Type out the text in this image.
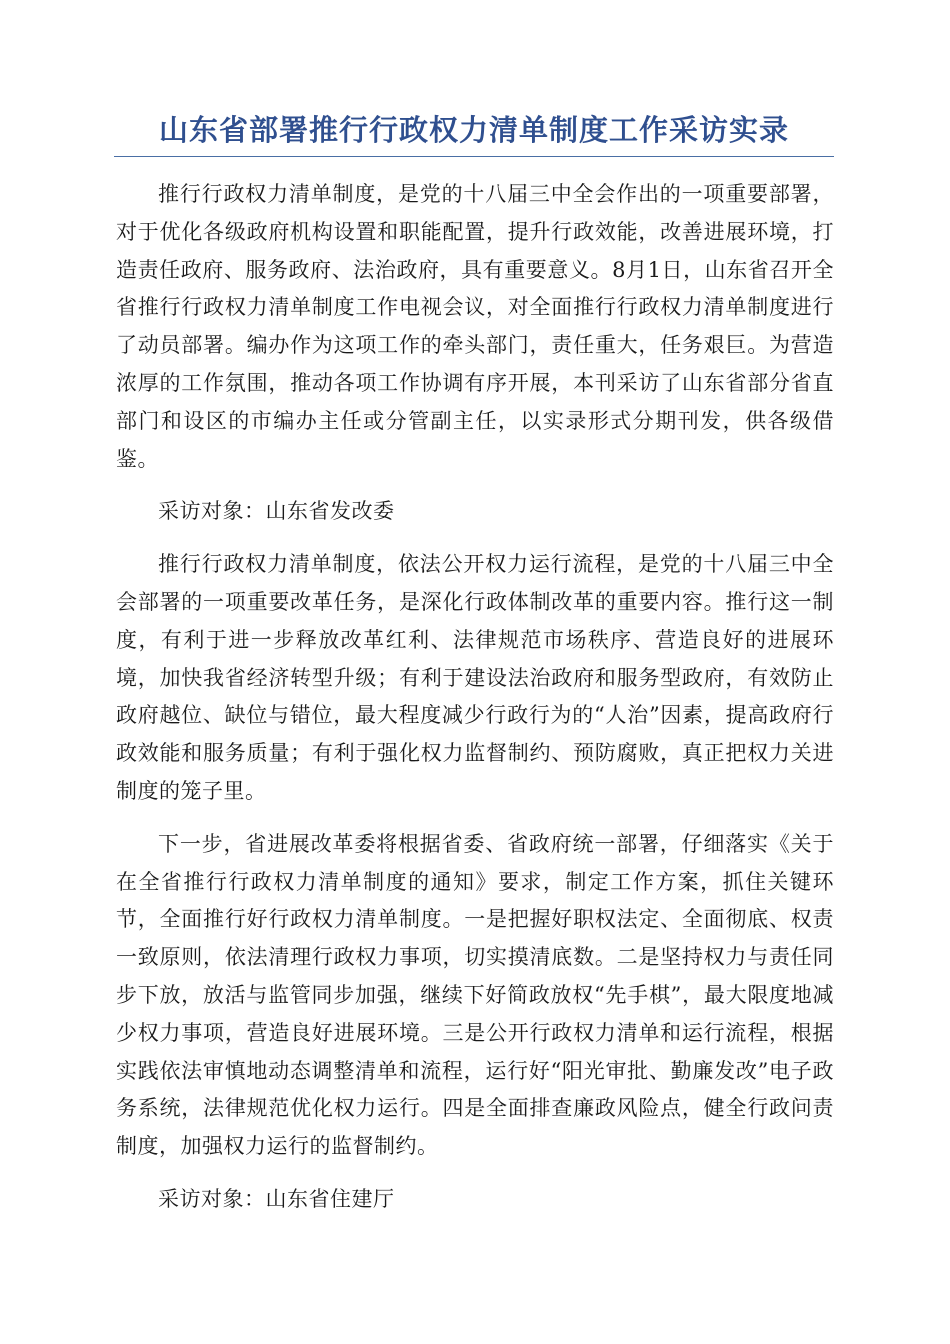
山东省部署推行行政权力清单制度工作采访实录

推行行政权力清单制度，是党的十八届三中全会作出的一项重要部署，对于优化各级政府机构设置和职能配置，提升行政效能，改善进展环境，打造责任政府、服务政府、法治政府，具有重要意义。8月1日，山东省召开全省推行行政权力清单制度工作电视会议，对全面推行行政权力清单制度进行了动员部署。编办作为这项工作的牵头部门，责任重大，任务艰巨。为营造浓厚的工作氛围，推动各项工作协调有序开展，本刊采访了山东省部分省直部门和设区的市编办主任或分管副主任，以实录形式分期刊发，供各级借鉴。

采访对象：山东省发改委

推行行政权力清单制度，依法公开权力运行流程，是党的十八届三中全会部署的一项重要改革任务，是深化行政体制改革的重要内容。推行这一制度，有利于进一步释放改革红利、法律规范市场秩序、营造良好的进展环境，加快我省经济转型升级；有利于建设法治政府和服务型政府，有效防止政府越位、缺位与错位，最大程度减少行政行为的“人治”因素，提高政府行政效能和服务质量；有利于强化权力监督制约、预防腐败，真正把权力关进制度的笼子里。

下一步，省进展改革委将根据省委、省政府统一部署，仔细落实《关于在全省推行行政权力清单制度的通知》要求，制定工作方案，抓住关键环节，全面推行好行政权力清单制度。一是把握好职权法定、全面彻底、权责一致原则，依法清理行政权力事项，切实摸清底数。二是坚持权力与责任同步下放，放活与监管同步加强，继续下好简政放权“先手棋”，最大限度地减少权力事项，营造良好进展环境。三是公开行政权力清单和运行流程，根据实践依法审慎地动态调整清单和流程，运行好“阳光审批、勤廉发改”电子政务系统，法律规范优化权力运行。四是全面排查廉政风险点，健全行政问责制度，加强权力运行的监督制约。

采访对象：山东省住建厅
